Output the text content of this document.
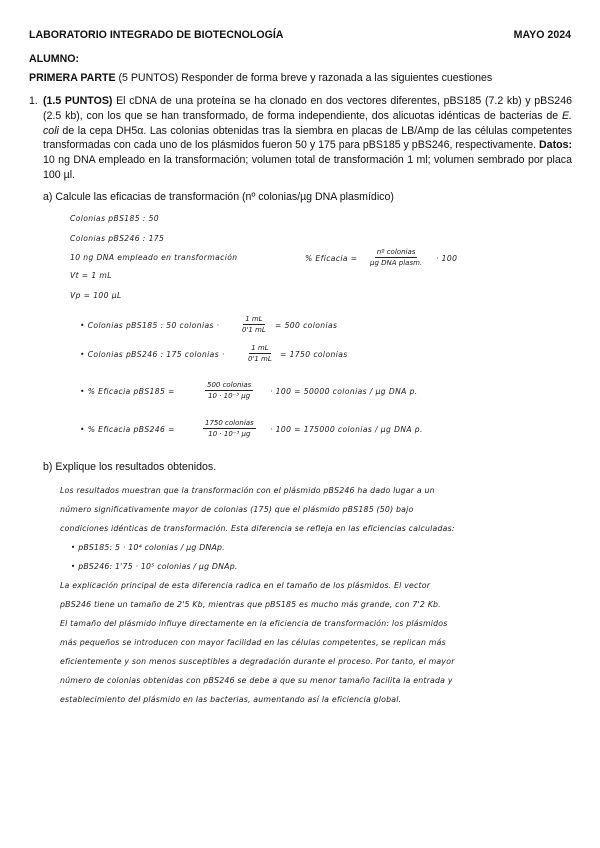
LABORATORIO INTEGRADO DE BIOTECNOLOGÍA	MAYO 2024
ALUMNO:
PRIMERA PARTE (5 PUNTOS) Responder de forma breve y razonada a las siguientes cuestiones
1. (1.5 PUNTOS) El cDNA de una proteína se ha clonado en dos vectores diferentes, pBS185 (7.2 kb) y pBS246 (2.5 kb), con los que se han transformado, de forma independiente, dos alicuotas idénticas de bacterias de E. coli de la cepa DH5α. Las colonias obtenidas tras la siembra en placas de LB/Amp de las células competentes transformadas con cada uno de los plásmidos fueron 50 y 175 para pBS185 y pBS246, respectivamente. Datos: 10 ng DNA empleado en la transformación; volumen total de transformación 1 ml; volumen sembrado por placa 100 µl.
a) Calcule las eficacias de transformación (nº colonias/µg DNA plasmídico)
Colonias pBS185 : 50
Colonias pBS246 : 175
10 ng DNA empleado en transformación
Vt = 1 mL
Vp = 100 µL
% Eficacia =
nº colonias
µg DNA plasm. · 100
• Colonias pBS185 : 50 colonias ·	$\frac{1 mL}{0'1 mL} = 500$ colonias
• Colonias pBS246 : 175 colonias ·	$\frac{1 mL}{0'1 mL} = 1750$ colonias
• % Eficacia pBS185 =
500 colonias
10 · 10⁻³ µg	· 100 = 50000 colonias / µg DNA p.
• % Eficacia pBS246 =
1750 colonias
10 · 10⁻³ µg	· 100 = 175000 colonias / µg DNA p.
b) Explique los resultados obtenidos.
Los resultados muestran que la transformación con el plásmido pBS246 ha dado lugar a un
número significativamente mayor de colonias (175) que el plásmido pBS185 (50) bajo
condiciones idénticas de transformación. Esta diferencia se refleja en las eficiencias calculadas:
• pBS185: 5 · 10⁴ colonias / µg DNAp.
• pBS246: 1'75 · 10⁵ colonias / µg DNAp.
La explicación principal de esta diferencia radica en el tamaño de los plásmidos. El vector
pBS246 tiene un tamaño de 2'5 Kb, mientras que pBS185 es mucho más grande, con 7'2 Kb.
El tamaño del plásmido influye directamente en la eficiencia de transformación: los plásmidos
más pequeños se introducen con mayor facilidad en las células competentes, se replican más
eficientemente y son menos susceptibles a degradación durante el proceso. Por tanto, el mayor
número de colonias obtenidas con pBS246 se debe a que su menor tamaño facilita la entrada y
establecimiento del plásmido en las bacterias, aumentando así la eficiencia global.
